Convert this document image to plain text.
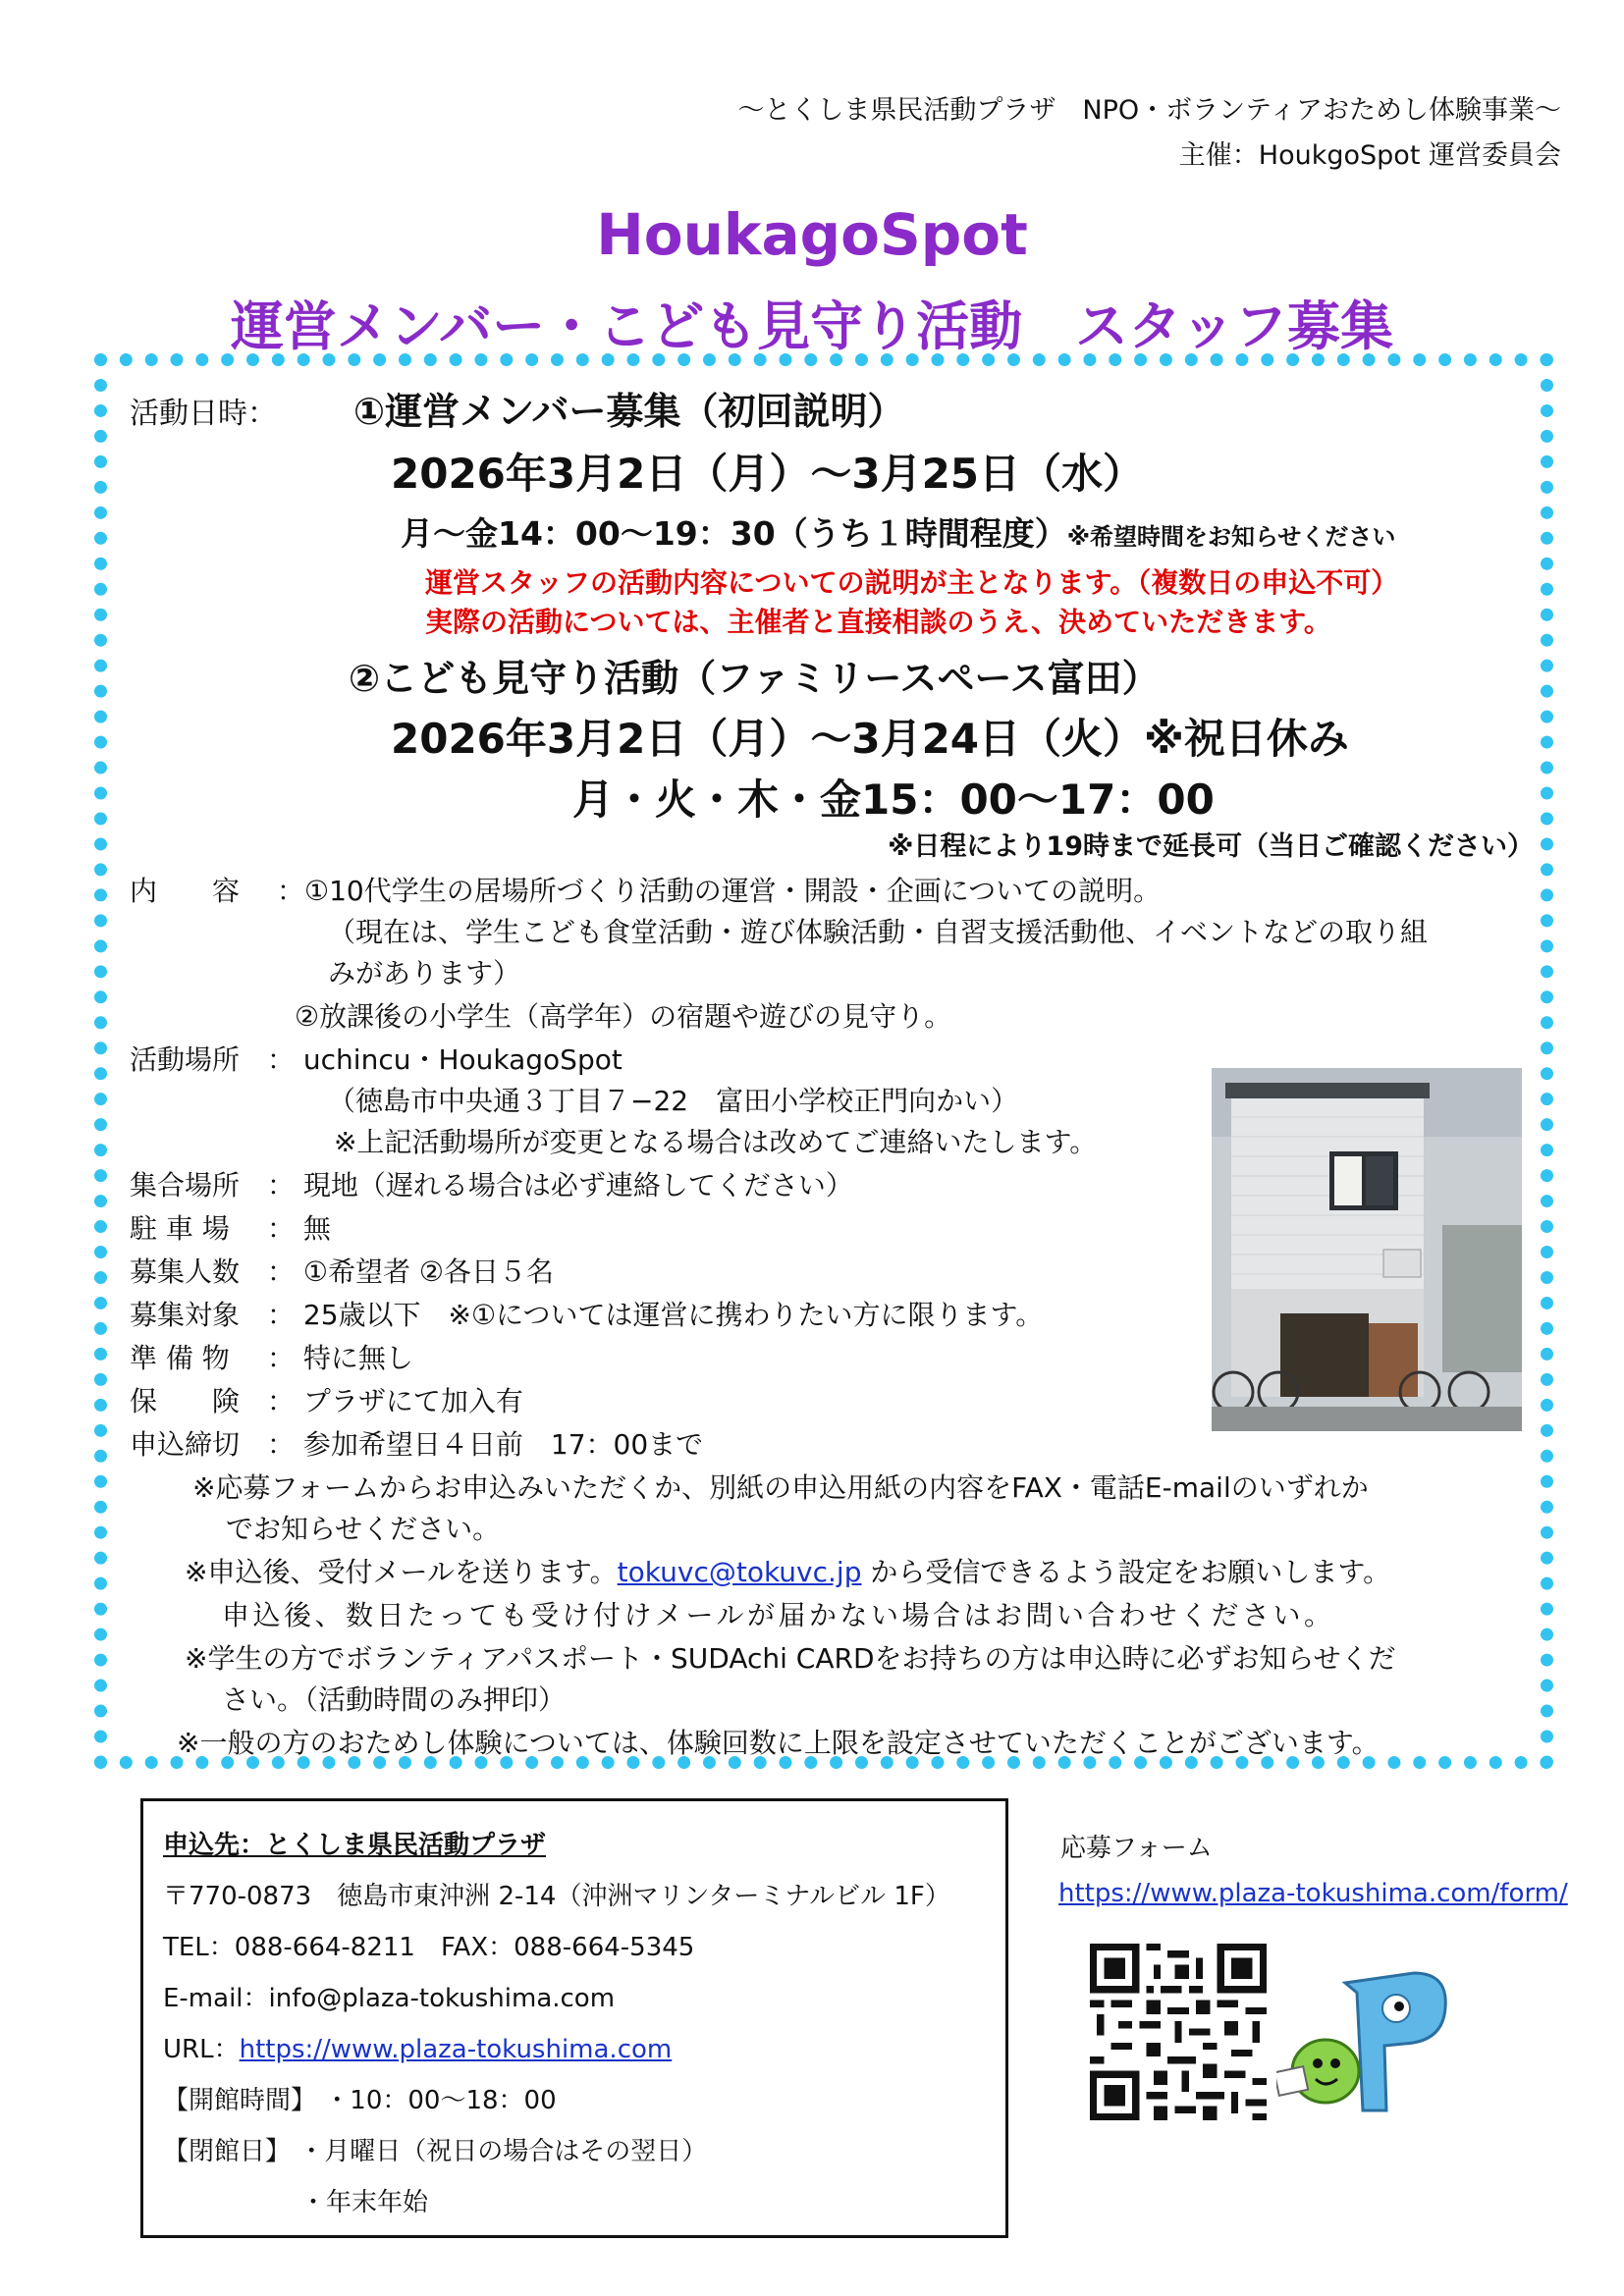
～とくしま県民活動プラザ　NPO・ボランティアおためし体験事業～
主催：HoukgoSpot 運営委員会
HoukagoSpot
運営メンバー・こども見守り活動　スタッフ募集
活動日時： ①運営メンバー募集（初回説明）
2026年3月2日（月）～3月25日（水）
月～金14：00～19：30（うち１時間程度）※希望時間をお知らせください
運営スタッフの活動内容についての説明が主となります。（複数日の申込不可）
実際の活動については、主催者と直接相談のうえ、決めていただきます。
②こども見守り活動（ファミリースペース富田）
2026年3月2日（月）～3月24日（火）※祝日休み
月・火・木・金15：00～17：00
※日程により19時まで延長可（当日ご確認ください）
内　　容 ：①10代学生の居場所づくり活動の運営・開設・企画についての説明。
（現在は、学生こども食堂活動・遊び体験活動・自習支援活動他、イベントなどの取り組
みがあります）
②放課後の小学生（高学年）の宿題や遊びの見守り。
活動場所 ： uchincu・HoukagoSpot
（徳島市中央通３丁目７−22　富田小学校正門向かい）
※上記活動場所が変更となる場合は改めてご連絡いたします。
集合場所 ： 現地（遅れる場合は必ず連絡してください）
駐 車 場 ： 無
募集人数 ： ①希望者 ②各日５名
募集対象 ： 25歳以下　※①については運営に携わりたい方に限ります。
準 備 物 ： 特に無し
保　　険 ： プラザにて加入有
申込締切 ： 参加希望日４日前　17：00まで
※応募フォームからお申込みいただくか、別紙の申込用紙の内容をFAX・電話E-mailのいずれか
でお知らせください。
※申込後、受付メールを送ります。tokuvc@tokuvc.jp から受信できるよう設定をお願いします。
申込後、数日たっても受け付けメールが届かない場合はお問い合わせください。
※学生の方でボランティアパスポート・SUDAchi CARDをお持ちの方は申込時に必ずお知らせくだ
さい。（活動時間のみ押印）
※一般の方のおためし体験については、体験回数に上限を設定させていただくことがございます。
申込先：とくしま県民活動プラザ
〒770-0873　徳島市東沖洲 2-14（沖洲マリンターミナルビル 1F）
TEL：088-664-8211　FAX：088-664-5345
E-mail：info@plaza-tokushima.com
URL：https://www.plaza-tokushima.com
【開館時間】 ・10：00～18：00
【閉館日】 ・月曜日（祝日の場合はその翌日）
・年末年始
応募フォーム
https://www.plaza-tokushima.com/form/
